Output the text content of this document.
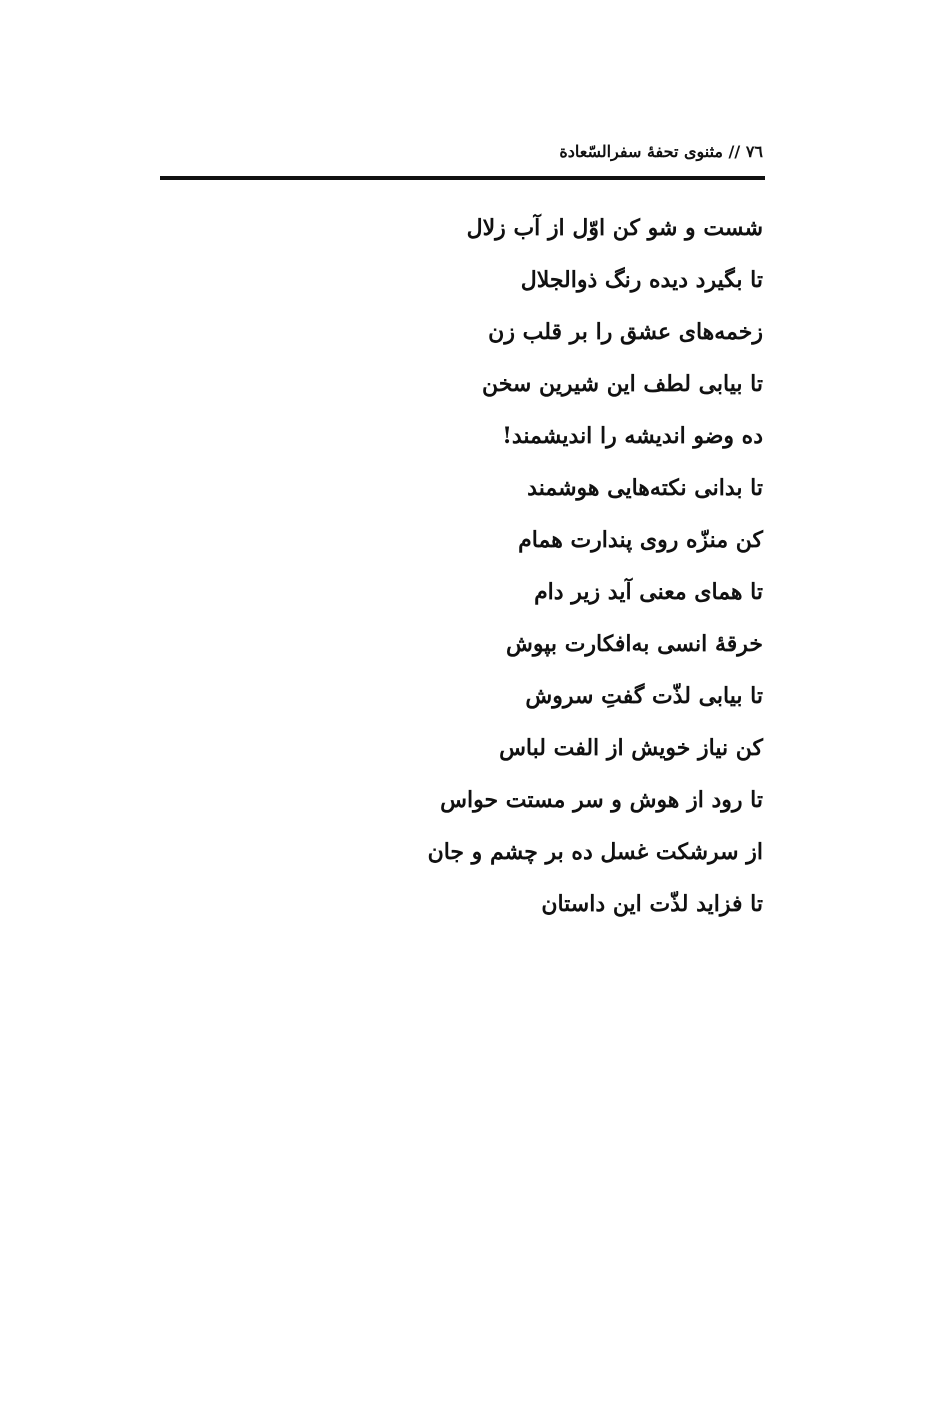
۷٦ // مثنوی تحفۀ سفرالسّعادة
شست و شو کن اوّل از آب زلال
تا بگیرد دیده رنگ ذوالجلال
زخمه‌های عشق را بر قلب زن
تا بیابی لطف این شیرین سخن
ده وضو اندیشه را اندیشمند!
تا بدانی نکته‌هایی هوشمند
کن منزّه روی پندارت همام
تا همای معنی آید زیر دام
خرقۀ انسی به‌افکارت بپوش
تا بیابی لذّت گفتِ سروش
کن نیاز خویش از الفت لباس
تا رود از هوش و سر مستت حواس
از سرشکت غسل ده بر چشم و جان
تا فزاید لذّت این داستان
